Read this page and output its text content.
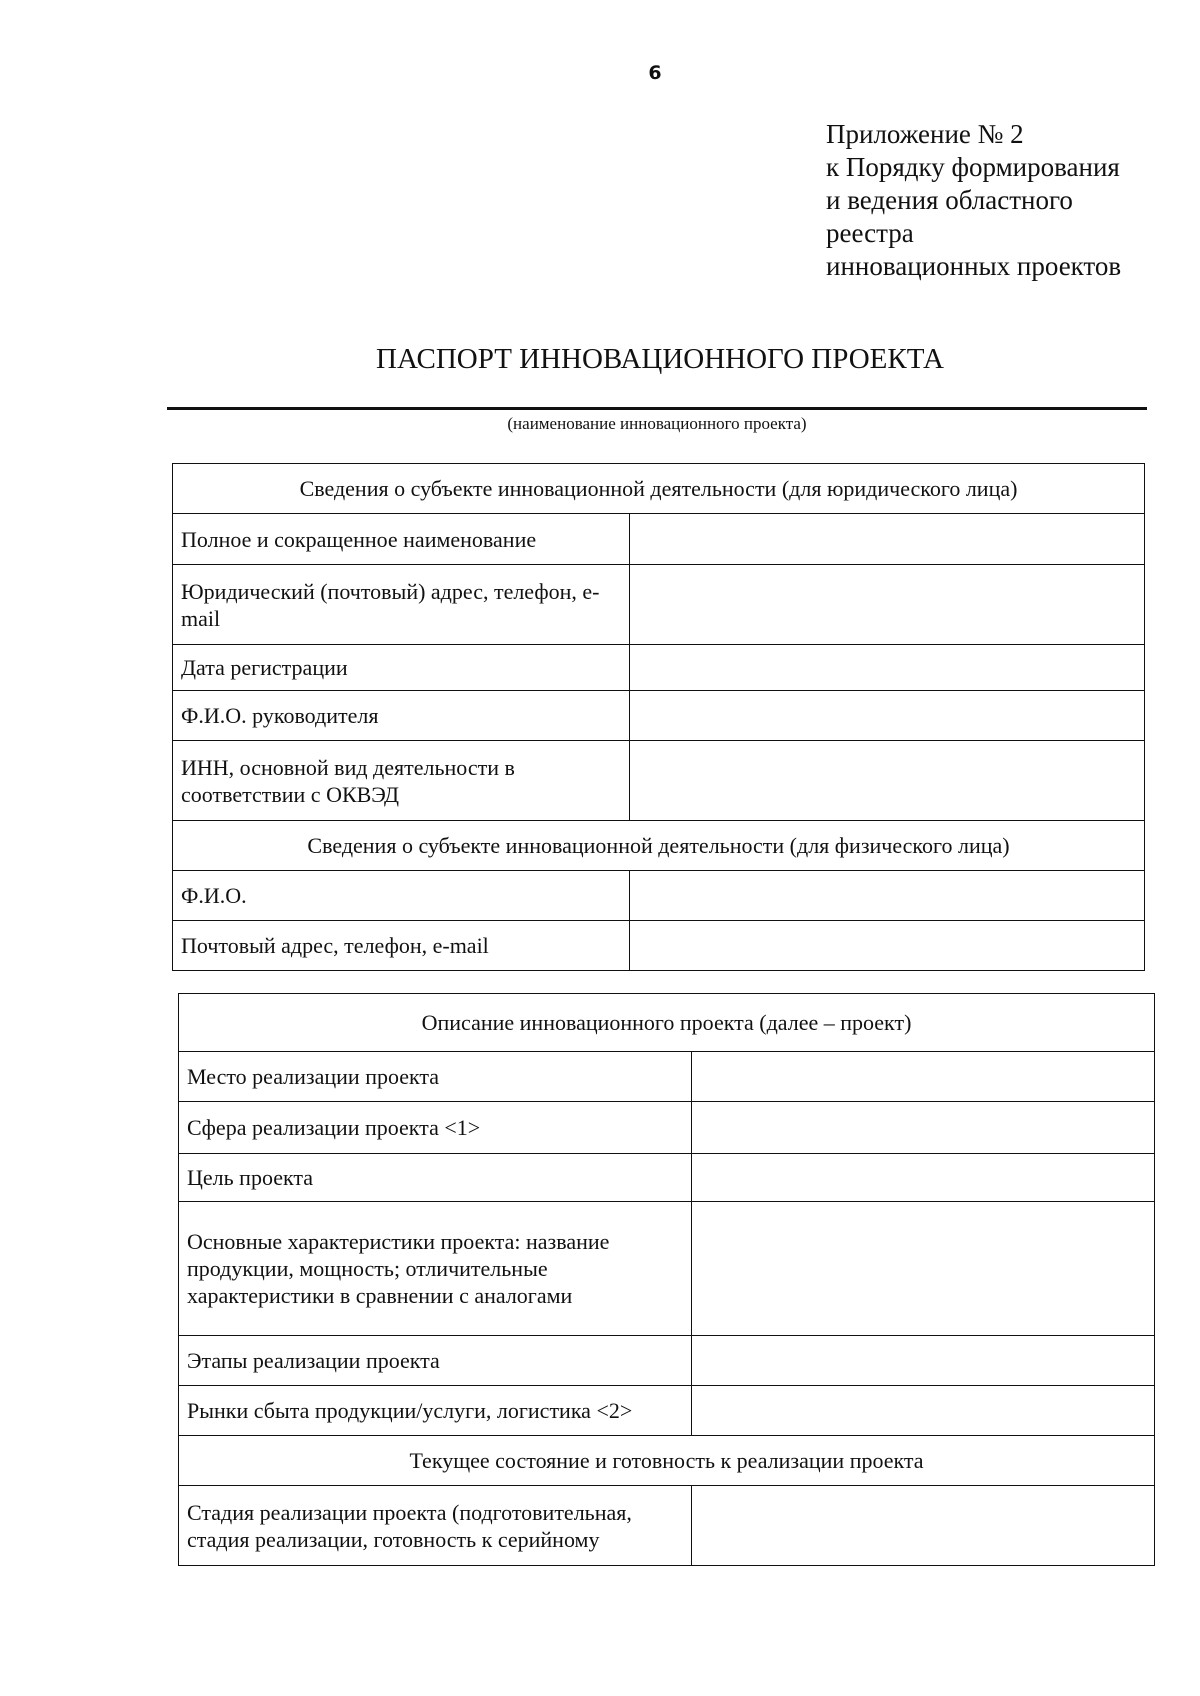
6
Приложение № 2
к Порядку формирования
и ведения областного
реестра
инновационных проектов
ПАСПОРТ ИННОВАЦИОННОГО ПРОЕКТА
(наименование инновационного проекта)
Сведения о субъекте инновационной деятельности (для юридического лица)	
Полное и сокращенное наименование	
Юридический (почтовый) адрес, телефон, e-mail	
Дата регистрации	
Ф.И.О. руководителя	
ИНН, основной вид деятельности в соответствии с ОКВЭД	
Сведения о субъекте инновационной деятельности (для физического лица)	
Ф.И.О.	
Почтовый адрес, телефон, e-mail	
Описание инновационного проекта (далее – проект)	
Место реализации проекта	
Сфера реализации проекта <1>	
Цель проекта	
Основные характеристики проекта: название продукции, мощность; отличительные характеристики в сравнении с аналогами	
Этапы реализации проекта	
Рынки сбыта продукции/услуги, логистика <2>	
Текущее состояние и готовность к реализации проекта	
Стадия реализации проекта (подготовительная, стадия реализации, готовность к серийному	
